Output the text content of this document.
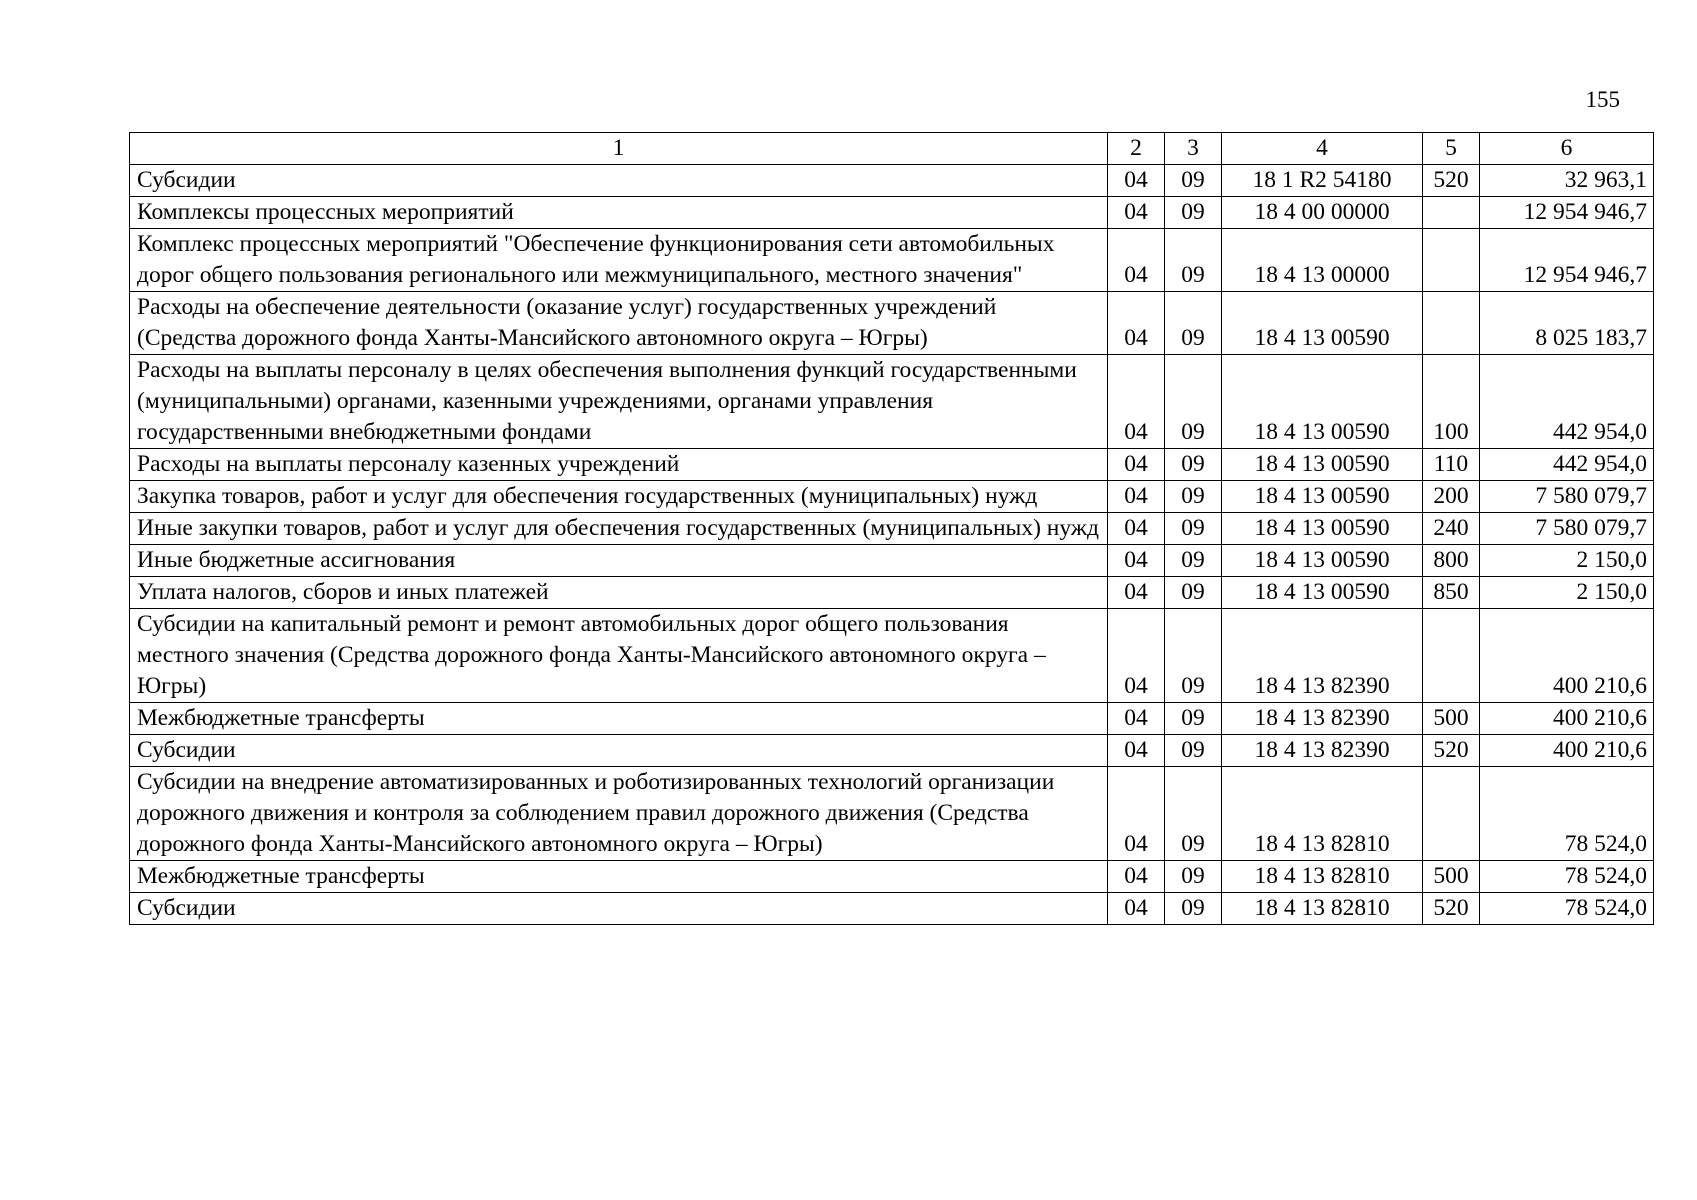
155
1	2	3	4	5	6
Субсидии	04	09	18 1 R2 54180	520	32 963,1
Комплексы процессных мероприятий	04	09	18 4 00 00000		12 954 946,7
Комплекс процессных мероприятий "Обеспечение функционирования сети автомобильных дорог общего пользования регионального или межмуниципального, местного значения"	04	09	18 4 13 00000		12 954 946,7
Расходы на обеспечение деятельности (оказание услуг) государственных учреждений (Средства дорожного фонда Ханты-Мансийского автономного округа – Югры)	04	09	18 4 13 00590		8 025 183,7
Расходы на выплаты персоналу в целях обеспечения выполнения функций государственными (муниципальными) органами, казенными учреждениями, органами управления государственными внебюджетными фондами	04	09	18 4 13 00590	100	442 954,0
Расходы на выплаты персоналу казенных учреждений	04	09	18 4 13 00590	110	442 954,0
Закупка товаров, работ и услуг для обеспечения государственных (муниципальных) нужд	04	09	18 4 13 00590	200	7 580 079,7
Иные закупки товаров, работ и услуг для обеспечения государственных (муниципальных) нужд	04	09	18 4 13 00590	240	7 580 079,7
Иные бюджетные ассигнования	04	09	18 4 13 00590	800	2 150,0
Уплата налогов, сборов и иных платежей	04	09	18 4 13 00590	850	2 150,0
Субсидии на капитальный ремонт и ремонт автомобильных дорог общего пользования местного значения (Средства дорожного фонда Ханты-Мансийского автономного округа – Югры)	04	09	18 4 13 82390		400 210,6
Межбюджетные трансферты	04	09	18 4 13 82390	500	400 210,6
Субсидии	04	09	18 4 13 82390	520	400 210,6
Субсидии на внедрение автоматизированных и роботизированных технологий организации дорожного движения и контроля за соблюдением правил дорожного движения (Средства дорожного фонда Ханты-Мансийского автономного округа – Югры)	04	09	18 4 13 82810		78 524,0
Межбюджетные трансферты	04	09	18 4 13 82810	500	78 524,0
Субсидии	04	09	18 4 13 82810	520	78 524,0
